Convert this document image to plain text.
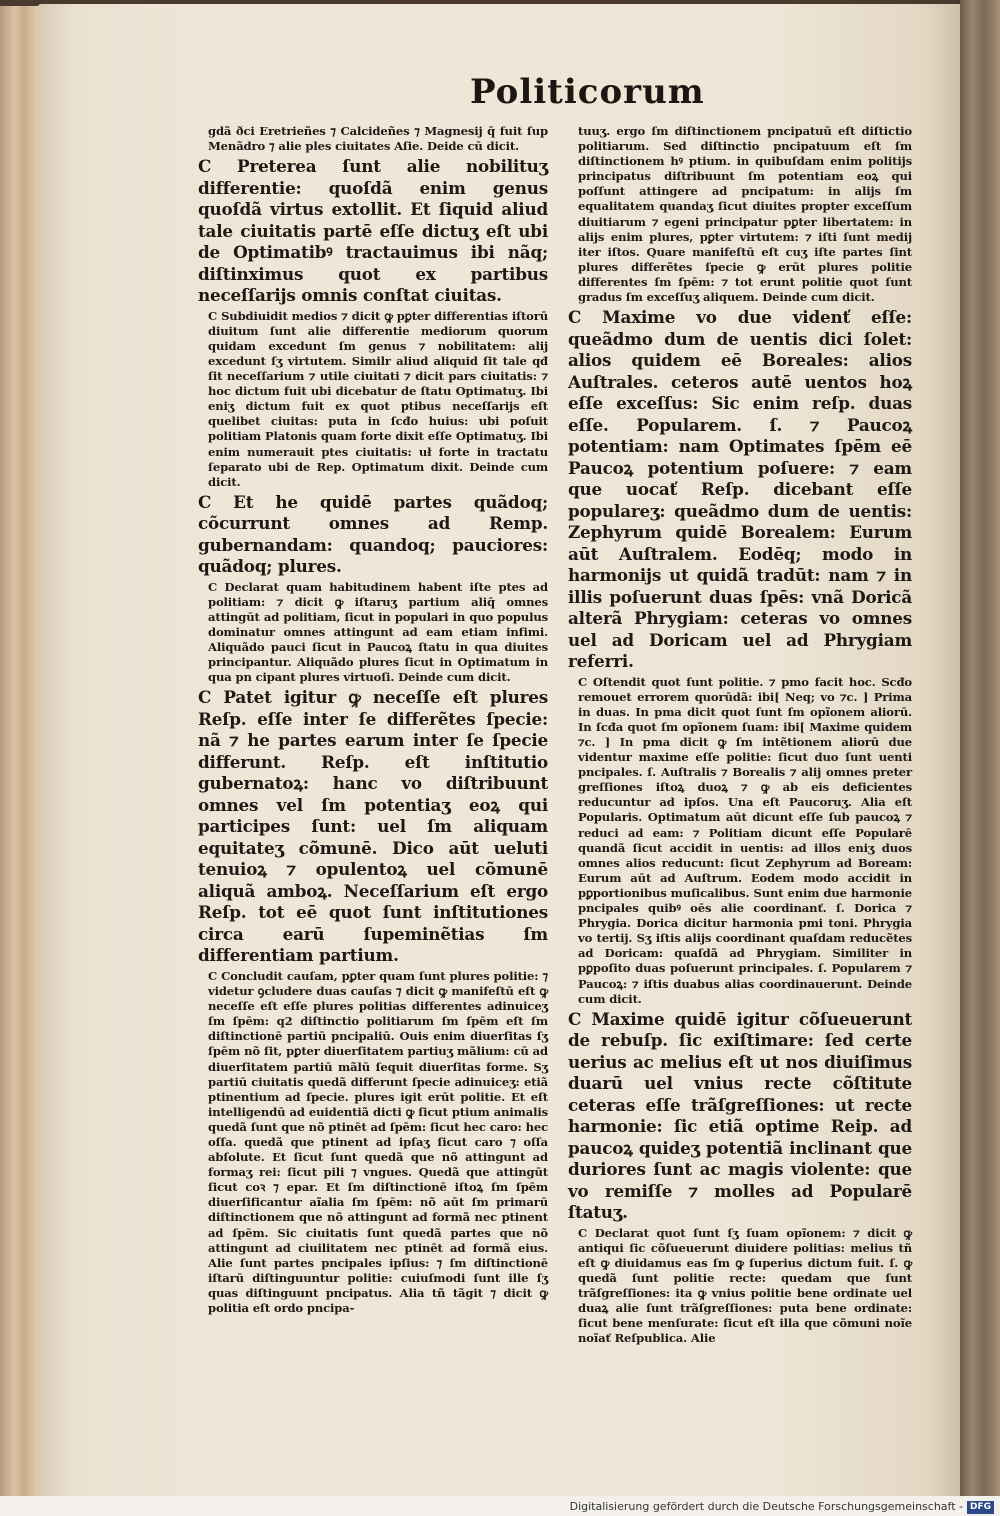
Politicorum

gdã ðci Eretrieñes ⁊ Calcideñes ⁊ Magnesij q̄ fuit ſup Menãdro ⁊ alie ples ciuitates Aſie. Deide cū dicit.

C Preterea ſunt alie nobilituʒ differentie: quoſdã enim genus quoſdã virtus extollit. Et ſiquid aliud tale ciuitatis partē eſſe dictuʒ eſt ubi de Optimatibꝰ tractauimus ibi nãq; diſtinximus quot ex partibus neceſſarijs omnis conſtat ciuitas.

C Subdiuidit medios ⁊ dicit ꝙ pꝑter differentias iſtorū diuitum ſunt alie differentie mediorum quorum quidam excedunt ſm genus ⁊ nobilitatem: alij excedunt ſʒ virtutem. Similr aliud aliquid ſit tale qđ ſit neceſſarium ⁊ utile ciuitati ⁊ dicit pars ciuitatis: ⁊ hoc dictum fuit ubi dicebatur de ſtatu Optimatuʒ. Ibi eniʒ dictum fuit ex quot ptibus neceſſarijs eſt quelibet ciuitas: puta in ſcđo huius: ubi poſuit politiam Platonis quam forte dixit eſſe Optimatuʒ. Ibi enim numerauit ptes ciuitatis: uł forte in tractatu ſeparato ubi de Rep. Optimatum dixit. Deinde cum dicit.

C Et he quidē partes quãdoq; cõcurrunt omnes ad Remp. gubernandam: quandoq; pauciores: quãdoq; plures.

C Declarat quam habitudinem habent iſte ptes ad politiam: ⁊ dicit ꝙ iſtaruʒ partium aliq̄ omnes attingūt ad politiam, ſicut in populari in quo populus dominatur omnes attingunt ad eam etiam infimi. Aliquãdo pauci ſicut in Paucoꝝ ſtatu in qua diuites principantur. Aliquãdo plures ſicut in Optimatum in qua pn cipant plures virtuoſi. Deinde cum dicit.

C Patet igitur ꝙ neceſſe eſt plures Reſp. eſſe inter ſe differẽtes ſpecie: nã ⁊ he partes earum inter ſe ſpecie differunt. Reſp. eſt inſtitutio gubernatoꝝ: hanc vo diſtribuunt omnes vel ſm potentiaʒ eoꝝ qui participes ſunt: uel ſm aliquam equitateʒ cõmunē. Dico aūt ueluti tenuioꝝ ⁊ opulentoꝝ uel cõmunē aliquã amboꝝ. Neceſſarium eſt ergo Reſp. tot eē quot ſunt inſtitutiones circa earū ſupeminẽtias ſm differentiam partium.

C Concludit cauſam, pꝑter quam ſunt plures politie: ⁊ videtur ꝯcludere duas cauſas ⁊ dicit ꝙ manifeſtū eſt ꝙ neceſſe eſt eſſe plures politias differentes adinuiceʒ ſm ſpēm: q2 diſtinctio politiarum ſm ſpēm eſt ſm diſtinctionē partiū pncipaliū. Ouis enim diuerſitas ſʒ ſpēm nõ ſit, pꝑter diuerſitatem partiuʒ mãlium: cū ad diuerſitatem partiū mãlū ſequit diuerſitas forme. Sʒ partiū ciuitatis quedã differunt ſpecie adinuiceʒ: etiã ptinentium ad ſpecie. plures igit erūt politie. Et eſt intelligendū ad euidentiã dicti ꝙ ſicut ptium animalis quedã ſunt que nõ ptinēt ad ſpēm: ſicut hec caro: hec oſſa. quedã que ptinent ad ipſaʒ ſicut caro ⁊ oſſa abſolute. Et ſicut ſunt quedã que nõ attingunt ad formaʒ rei: ſicut pili ⁊ vngues. Quedã que attingūt ſicut coꝛ ⁊ epar. Et ſm diſtinctionē iſtoꝝ ſm ſpēm diuerſificantur aĩalia ſm ſpēm: nõ aūt ſm primarū diſtinctionem que nõ attingunt ad formã nec ptinent ad ſpēm. Sic ciuitatis ſunt quedã partes que nõ attingunt ad ciuilitatem nec ptinēt ad formã eius. Alie ſunt partes pncipales ipſius: ⁊ ſm diſtinctionē iſtarū diſtinguuntur politie: cuiuſmodi ſunt ille ſʒ quas diſtinguunt pncipatus. Alia tñ tãgit ⁊ dicit ꝙ politia eſt ordo pncipa-

tuuʒ. ergo ſm diſtinctionem pncipatuū eſt diſtictio politiarum. Sed diſtinctio pncipatuum eſt ſm diſtinctionem hꝰ ptium. in quibuſdam enim politijs principatus diſtribuunt ſm potentiam eoꝝ qui poſſunt attingere ad pncipatum: in alijs ſm equalitatem quandaʒ ſicut diuites propter exceſſum diuitiarum ⁊ egeni principatur pꝑter libertatem: in alijs enim plures, pꝑter virtutem: ⁊ iſti ſunt medij iter iſtos. Quare manifeſtū eſt cuʒ iſte partes ſint plures differẽtes ſpecie ꝙ erūt plures politie differentes ſm ſpēm: ⁊ tot erunt politie quot ſunt gradus ſm exceſſuʒ aliquem. Deinde cum dicit.

C Maxime vo due videnť eſſe: queãdmo dum de uentis dici ſolet: alios quidem eē Boreales: alios Auſtrales. ceteros autē uentos hoꝝ eſſe exceſſus: Sic enim reſp. duas eſſe. Popularem. ſ. ⁊ Paucoꝝ potentiam: nam Optimates ſpēm eē Paucoꝝ potentium poſuere: ⁊ eam que uocať Reſp. dicebant eſſe populareʒ: queãdmo dum de uentis: Zephyrum quidē Borealem: Eurum aūt Auſtralem. Eodēq; modo in harmonijs ut quidã tradūt: nam ⁊ in illis poſuerunt duas ſpēs: vnã Doricã alterã Phrygiam: ceteras vo omnes uel ad Doricam uel ad Phrygiam referri.

C Oſtendit quot ſunt politie. ⁊ pmo facit hoc. Scđo remouet errorem quorūdã: ibi[ Neq; vo ⁊c. ] Prima in duas. In pma dicit quot ſunt ſm opĩonem aliorū. In ſcđa quot ſm opĩonem ſuam: ibi[ Maxime quidem ⁊c. ] In pma dicit ꝙ ſm intẽtionem aliorū due videntur maxime eſſe politie: ſicut duo ſunt uenti pncipales. ſ. Auſtralis ⁊ Borealis ⁊ alij omnes preter greſſiones iſtoꝝ duoꝝ ⁊ ꝙ ab eis deficientes reducuntur ad ipſos. Una eſt Paucoruʒ. Alia eſt Popularis. Optimatum aūt dicunt eſſe ſub paucoꝝ ⁊ reduci ad eam: ⁊ Politiam dicunt eſſe Popularē quandã ſicut accidit in uentis: ad illos eniʒ duos omnes alios reducunt: ſicut Zephyrum ad Boream: Eurum aūt ad Auſtrum. Eodem modo accidit in pꝑportionibus muſicalibus. Sunt enim due harmonie pncipales quibꝰ oēs alie coordinanť. ſ. Dorica ⁊ Phrygia. Dorica dicitur harmonia pmi toni. Phrygia vo tertij. Sʒ iſtis alijs coordinant quaſdam reducẽtes ad Doricam: quaſdã ad Phrygiam. Similiter in pꝑpoſito duas poſuerunt principales. ſ. Popularem ⁊ Paucoꝝ: ⁊ iſtis duabus alias coordinauerunt. Deinde cum dicit.

C Maxime quidē igitur cõſueuerunt de rebuſp. ſic exiſtimare: ſed certe uerius ac melius eſt ut nos diuiſimus duarū uel vnius recte cõſtitute ceteras eſſe trãſgreſſiones: ut recte harmonie: ſic etiã optime Reip. ad paucoꝝ quideʒ potentiã inclinant que duriores ſunt ac magis violente: que vo remiſſe ⁊ molles ad Popularē ſtatuʒ.

C Declarat quot ſunt ſʒ ſuam opĩonem: ⁊ dicit ꝙ antiqui ſic cõſueuerunt diuidere politias: melius tñ eſt ꝙ diuidamus eas ſm ꝙ ſuperius dictum fuit. ſ. ꝙ quedã ſunt politie recte: quedam que ſunt trãſgreſſiones: ita ꝙ vnius politie bene ordinate uel duaꝝ alie ſunt trãſgreſſiones: puta bene ordinate: ſicut bene menſurate: ſicut eſt illa que cõmuni noĩe noĩať Reſpublica. Alie

Digitalisierung gefördert durch die Deutsche Forschungsgemeinschaft - DFG
